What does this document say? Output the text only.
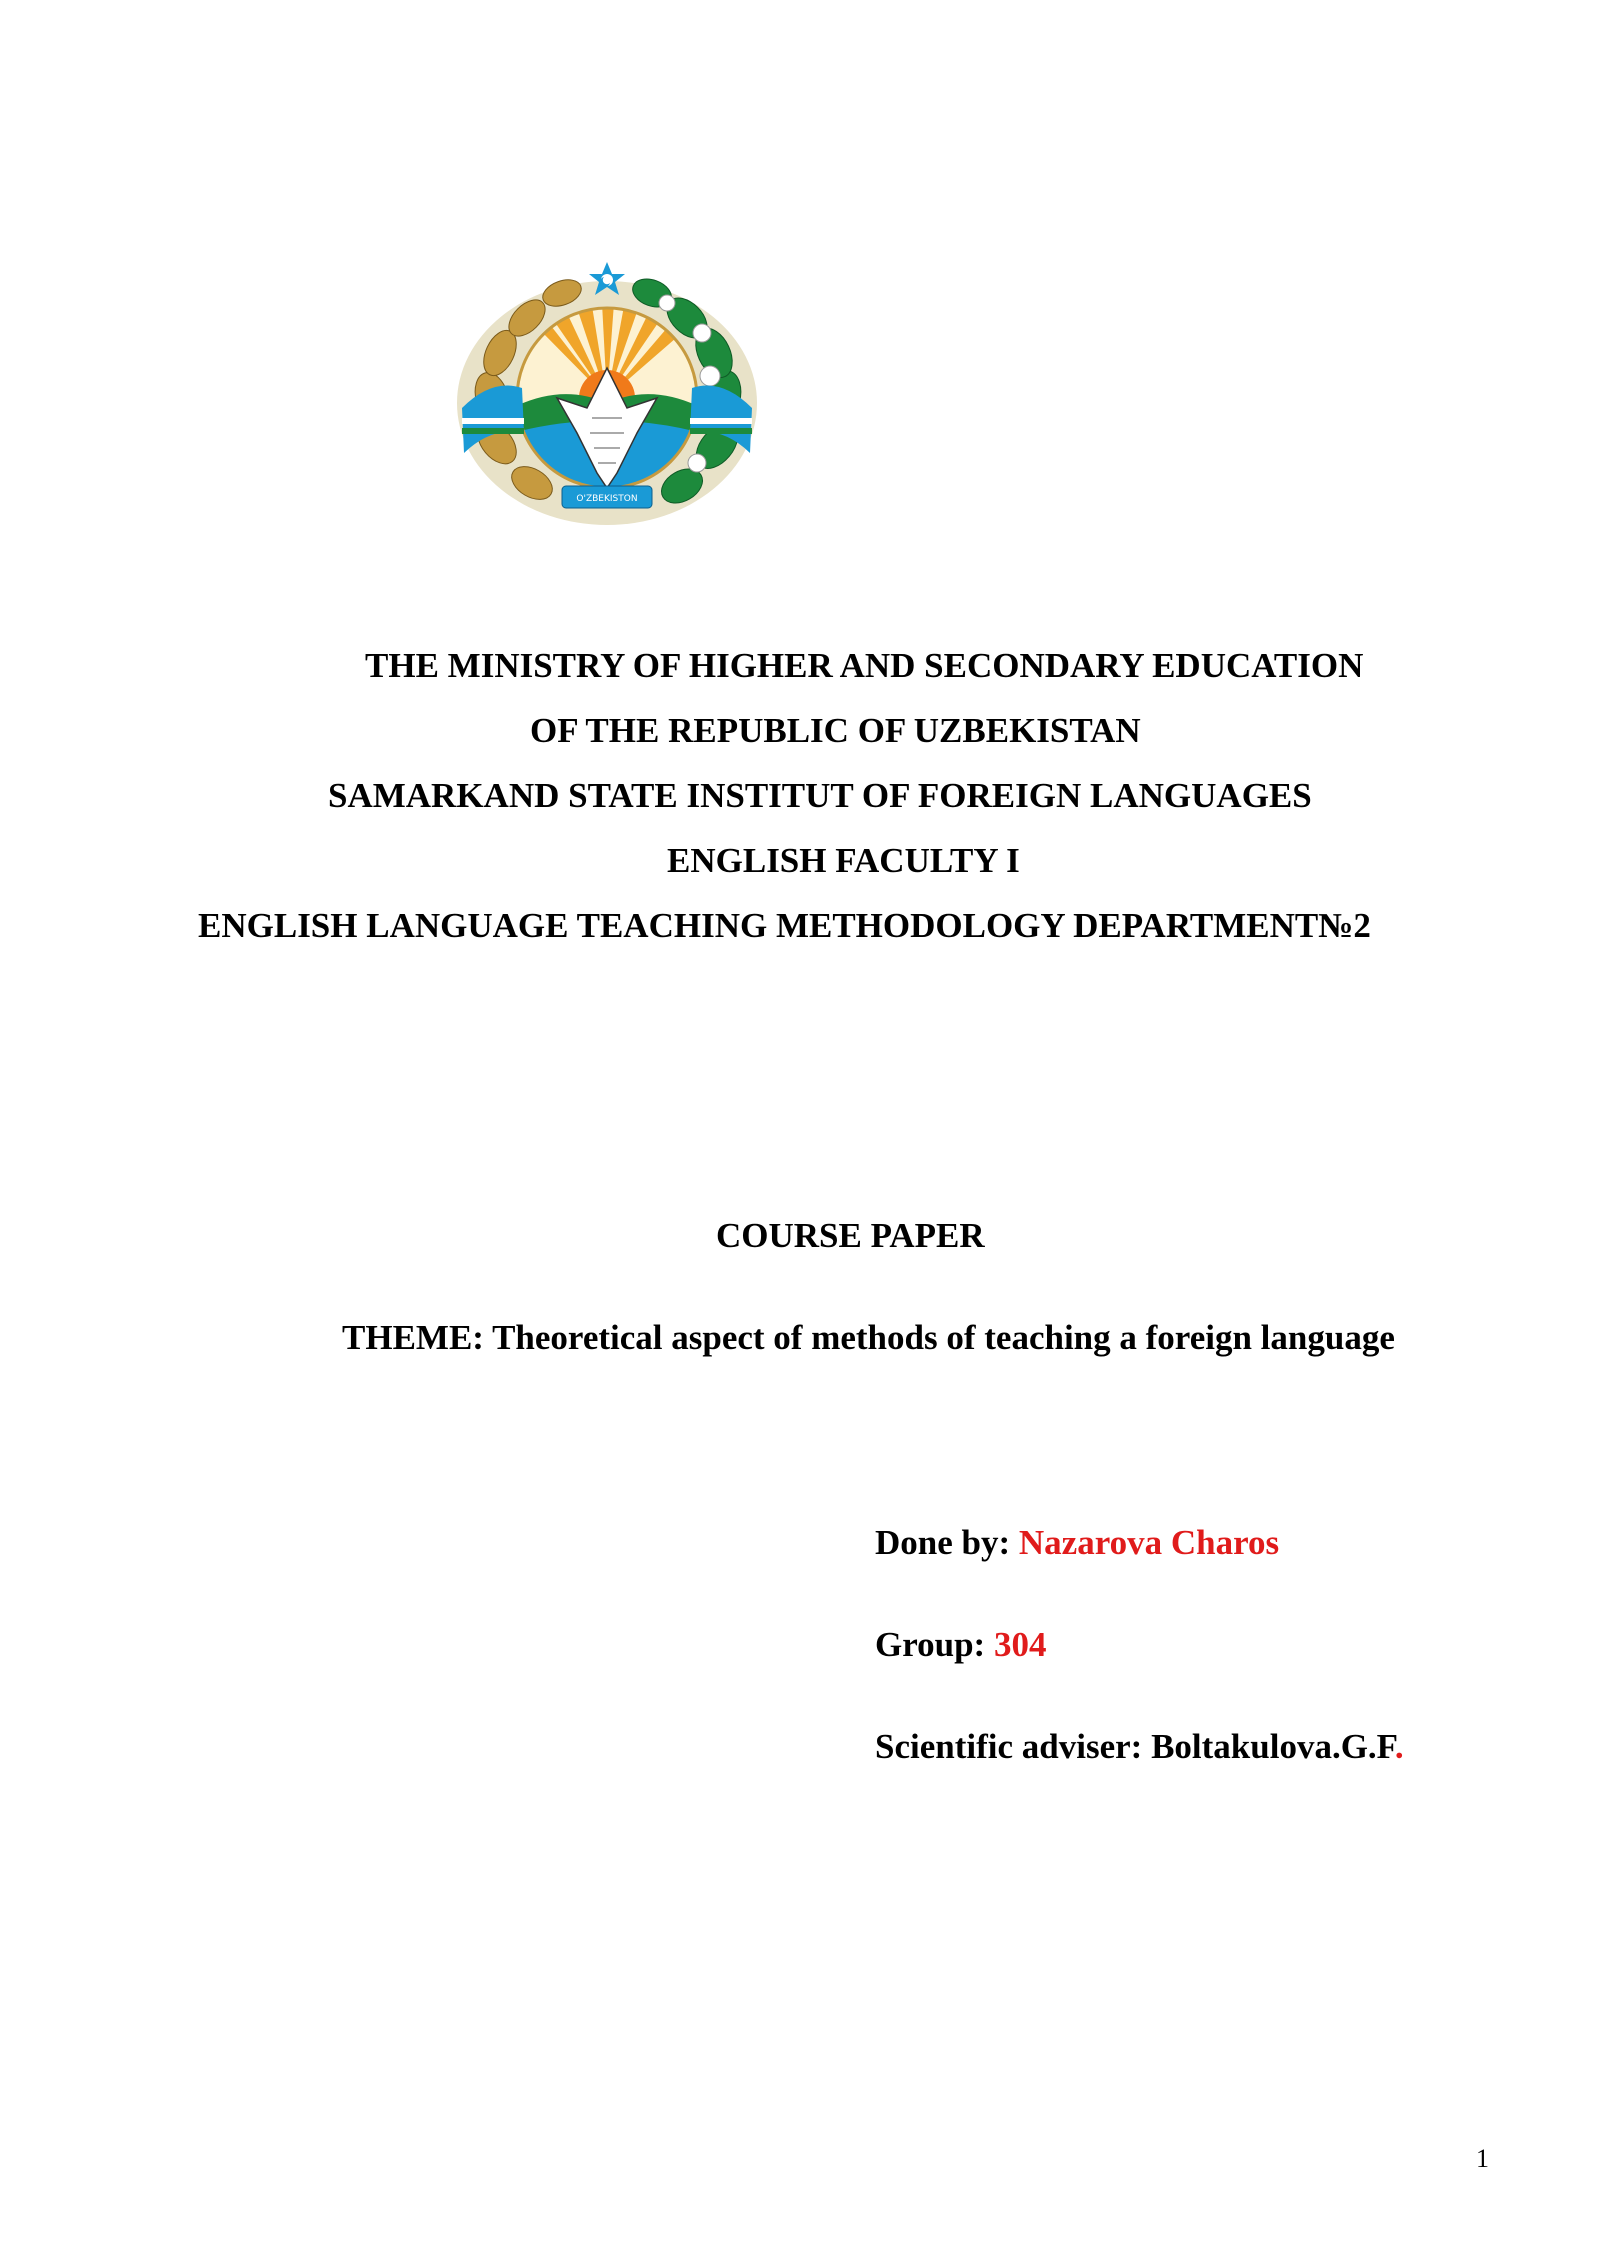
O'ZBEKISTON
THE MINISTRY OF HIGHER AND SECONDARY EDUCATION
OF THE REPUBLIC OF UZBEKISTAN
SAMARKAND STATE INSTITUT OF FOREIGN LANGUAGES
ENGLISH FACULTY I
ENGLISH LANGUAGE TEACHING METHODOLOGY DEPARTMENT№2
COURSE PAPER
THEME: Theoretical aspect of methods of teaching a foreign language
Done by: Nazarova Charos
Group: 304
Scientific adviser: Boltakulova.G.F.
1
